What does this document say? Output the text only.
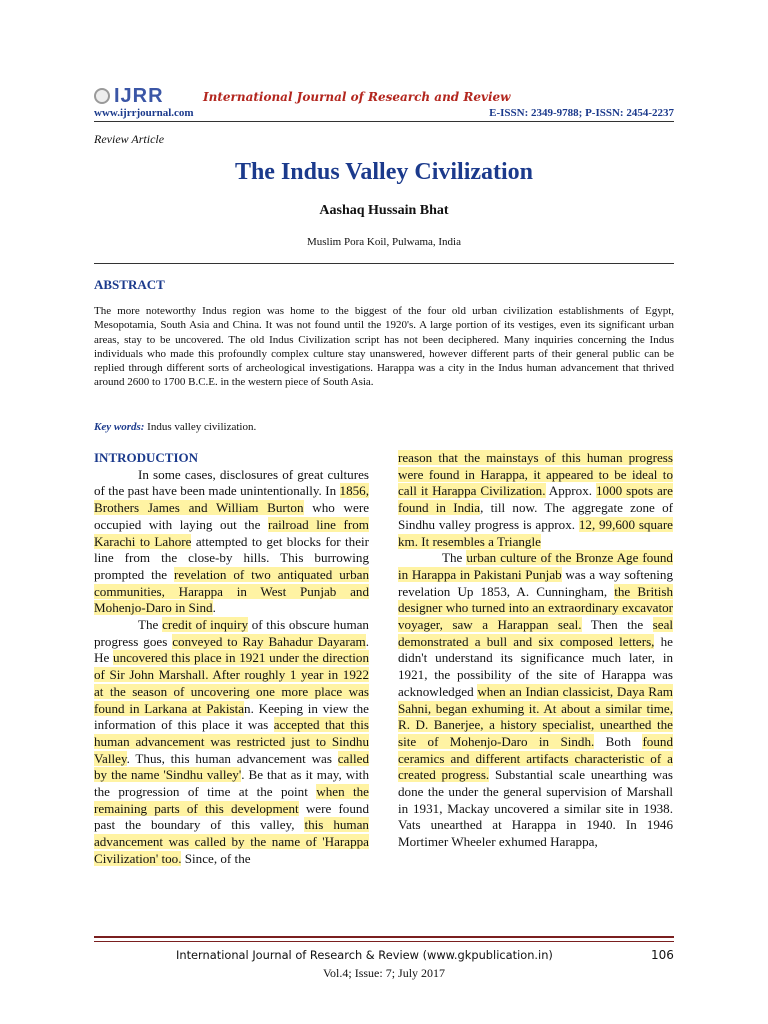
IJRR	International Journal of Research and Review
www.ijrrjournal.com	E-ISSN: 2349-9788; P-ISSN: 2454-2237
Review Article
The Indus Valley Civilization
Aashaq Hussain Bhat
Muslim Pora Koil, Pulwama, India
ABSTRACT
The more noteworthy Indus region was home to the biggest of the four old urban civilization establishments of Egypt, Mesopotamia, South Asia and China. It was not found until the 1920's. A large portion of its vestiges, even its significant urban areas, stay to be uncovered. The old Indus Civilization script has not been deciphered. Many inquiries concerning the Indus individuals who made this profoundly complex culture stay unanswered, however different parts of their general public can be replied through different sorts of archeological investigations. Harappa was a city in the Indus human advancement that thrived around 2600 to 1700 B.C.E. in the western piece of South Asia.
Key words: Indus valley civilization.
INTRODUCTION

In some cases, disclosures of great cultures of the past have been made unintentionally. In 1856, Brothers James and William Burton who were occupied with laying out the railroad line from Karachi to Lahore attempted to get blocks for their line from the close-by hills. This burrowing prompted the revelation of two antiquated urban communities, Harappa in West Punjab and Mohenjo-Daro in Sind.

The credit of inquiry of this obscure human progress goes conveyed to Ray Bahadur Dayaram. He uncovered this place in 1921 under the direction of Sir John Marshall. After roughly 1 year in 1922 at the season of uncovering one more place was found in Larkana at Pakistan. Keeping in view the information of this place it was accepted that this human advancement was restricted just to Sindhu Valley. Thus, this human advancement was called by the name 'Sindhu valley'. Be that as it may, with the progression of time at the point when the remaining parts of this development were found past the boundary of this valley, this human advancement was called by the name of 'Harappa Civilization' too. Since, of the

reason that the mainstays of this human progress were found in Harappa, it appeared to be ideal to call it Harappa Civilization. Approx. 1000 spots are found in India, till now. The aggregate zone of Sindhu valley progress is approx. 12, 99,600 square km. It resembles a Triangle

The urban culture of the Bronze Age found in Harappa in Pakistani Punjab was a way softening revelation Up 1853, A. Cunningham, the British designer who turned into an extraordinary excavator voyager, saw a Harappan seal. Then the seal demonstrated a bull and six composed letters, he didn't understand its significance much later, in 1921, the possibility of the site of Harappa was acknowledged when an Indian classicist, Daya Ram Sahni, began exhuming it. At about a similar time, R. D. Banerjee, a history specialist, unearthed the site of Mohenjo-Daro in Sindh. Both found ceramics and different artifacts characteristic of a created progress. Substantial scale unearthing was done the under the general supervision of Marshall in 1931, Mackay uncovered a similar site in 1938. Vats unearthed at Harappa in 1940. In 1946 Mortimer Wheeler exhumed Harappa,

International Journal of Research & Review (www.gkpublication.in)	106
Vol.4; Issue: 7; July 2017
